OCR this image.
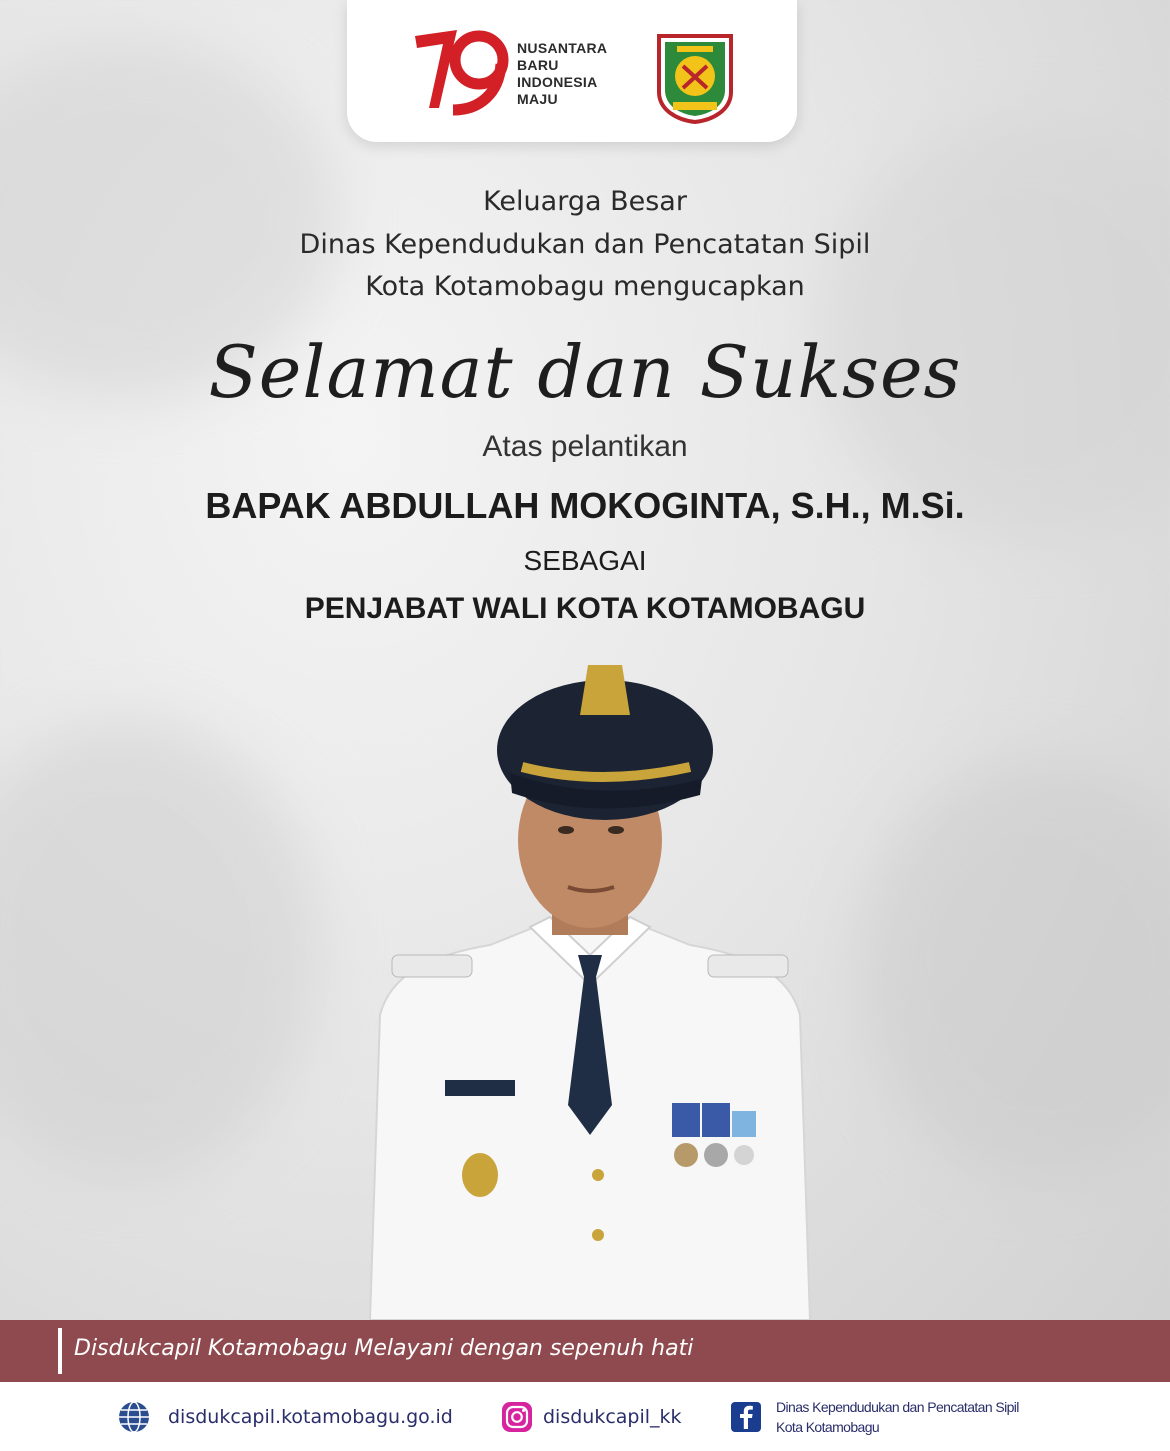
NUSANTARA
BARU
INDONESIA
MAJU
Keluarga Besar
Dinas Kependudukan dan Pencatatan Sipil
Kota Kotamobagu mengucapkan
Selamat dan Sukses
Atas pelantikan
BAPAK ABDULLAH MOKOGINTA, S.H., M.Si.
SEBAGAI
PENJABAT WALI KOTA KOTAMOBAGU
Disdukcapil Kotamobagu Melayani dengan sepenuh hati
disdukcapil.kotamobagu.go.id	disdukcapil_kk	Dinas Kependudukan dan Pencatatan Sipil
Kota Kotamobagu
